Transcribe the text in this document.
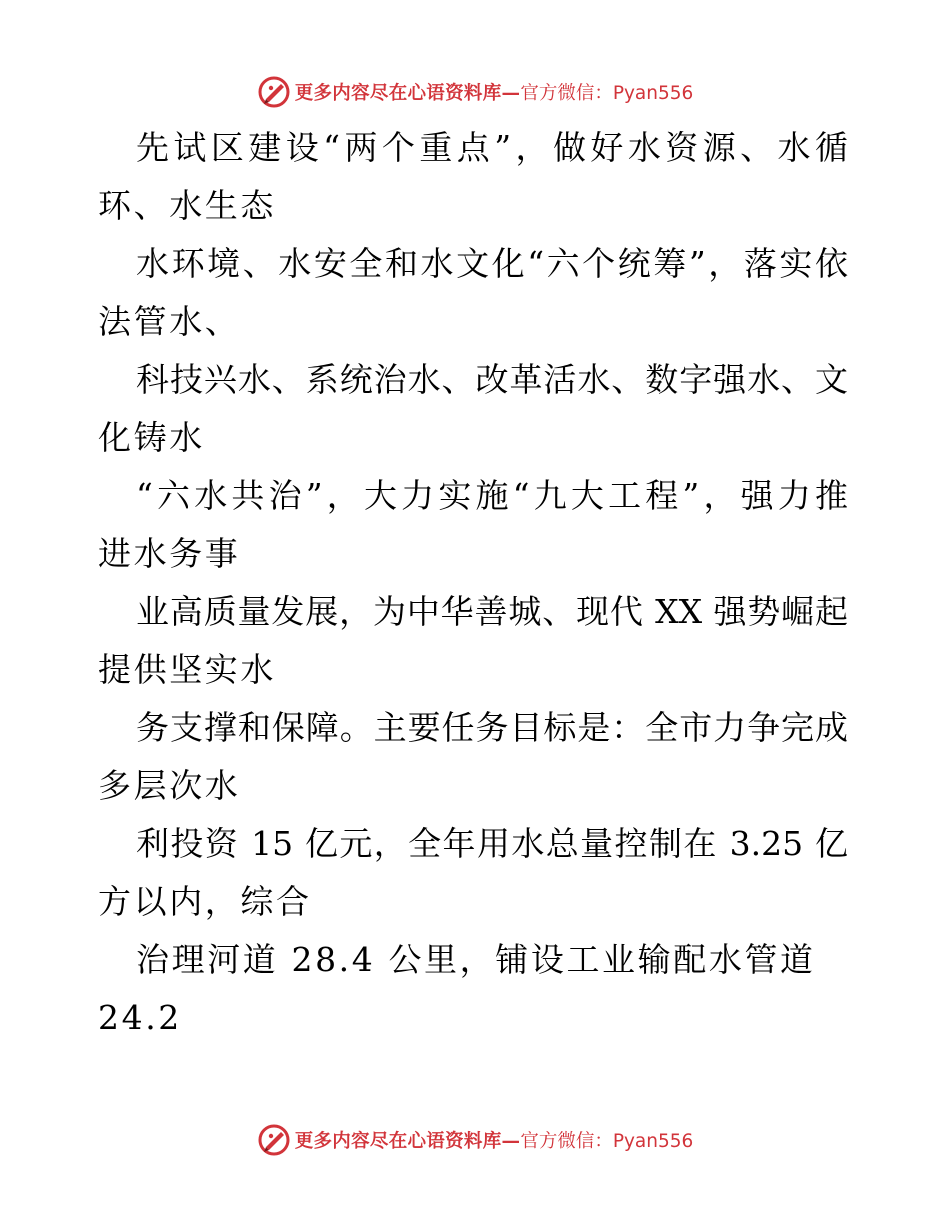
更多内容尽在心语资料库— 官方微信：Pyan556
先试区建设“两个重点”，做好水资源、水循
环、水生态
水环境、水安全和水文化“六个统筹”，落实依
法管水、
科技兴水、系统治水、改革活水、数字强水、文
化铸水
“六水共治”，大力实施“九大工程”，强力推
进水务事
业高质量发展，为中华善城、现代 XX 强势崛起
提供坚实水
务支撑和保障。主要任务目标是：全市力争完成
多层次水
利投资 15 亿元，全年用水总量控制在 3.25 亿
方以内，综合
治理河道 28.4 公里，铺设工业输配水管道
24.2
更多内容尽在心语资料库— 官方微信：Pyan556
